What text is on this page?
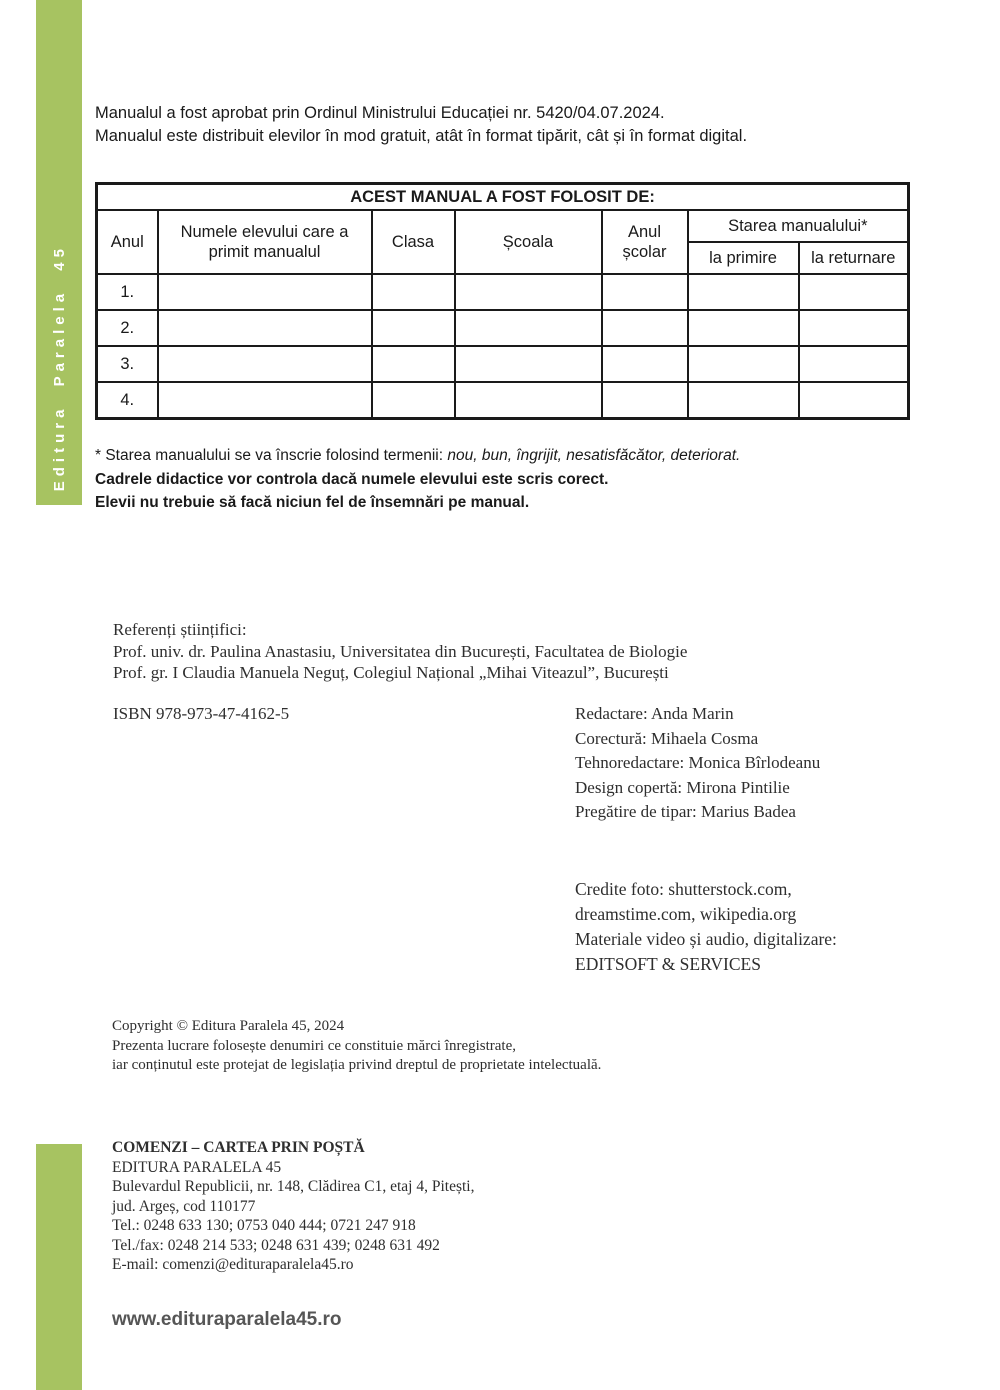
Editura Paralela 45
Manualul a fost aprobat prin Ordinul Ministrului Educației nr. 5420/04.07.2024.
Manualul este distribuit elevilor în mod gratuit, atât în format tipărit, cât și în format digital.
ACEST MANUAL A FOST FOLOSIT DE:						
Anul	Numele elevului care a primit manualul	Clasa	Școala	Anul școlar	Starea manualului*	
					la primire	la returnare
1.						
2.						
3.						
4.						
* Starea manualului se va înscrie folosind termenii: nou, bun, îngrijit, nesatisfăcător, deteriorat.
Cadrele didactice vor controla dacă numele elevului este scris corect.
Elevii nu trebuie să facă niciun fel de însemnări pe manual.
Referenți științifici:
Prof. univ. dr. Paulina Anastasiu, Universitatea din București, Facultatea de Biologie
Prof. gr. I Claudia Manuela Neguț, Colegiul Național „Mihai Viteazul”, București
ISBN 978-973-47-4162-5	Redactare: Anda Marin
Corectură: Mihaela Cosma
Tehnoredactare: Monica Bîrlodeanu
Design copertă: Mirona Pintilie
Pregătire de tipar: Marius Badea
Credite foto: shutterstock.com,
dreamstime.com, wikipedia.org
Materiale video și audio, digitalizare:
EDITSOFT & SERVICES
Copyright © Editura Paralela 45, 2024
Prezenta lucrare folosește denumiri ce constituie mărci înregistrate,
iar conținutul este protejat de legislația privind dreptul de proprietate intelectuală.
COMENZI – CARTEA PRIN POȘTĂ
EDITURA PARALELA 45
Bulevardul Republicii, nr. 148, Clădirea C1, etaj 4, Pitești,
jud. Argeș, cod 110177
Tel.: 0248 633 130; 0753 040 444; 0721 247 918
Tel./fax: 0248 214 533; 0248 631 439; 0248 631 492
E-mail: comenzi@edituraparalela45.ro
www.edituraparalela45.ro
